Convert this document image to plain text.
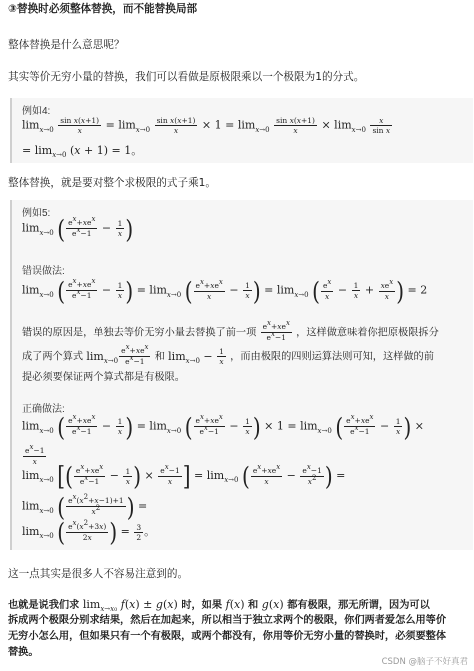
③替换时必须整体替换，而不能替换局部
整体替换是什么意思呢？
其实等价无穷小量的替换，我们可以看做是原极限乘以一个极限为1的分式。
例如4:
$\lim_{x\to 0} \frac{\text{sin x(x+1)}}{x} = \lim_{x\to 0} \frac{\text{sin x(x+1)}}{x} \times 1 = \lim_{x\to 0} \frac{\text{sin x(x+1)}}{x} \times \lim_{x\to 0} \frac{x}{\text{sin x}}$
= $\lim_{x\to 0} (x + 1) = 1$。
整体替换，就是要对整个求极限的式子乘1。
例如5:
$\lim_{x\to 0}$ ( $\frac{\text{ex+xex}}{ex-1} - \frac{1}{x}$ )
错误做法:
$\lim_{x\to 0}$ ( $\frac{\text{ex+xex}}{ex-1} - \frac{1}{x}$ ) = $\lim_{x\to 0}$ ( $\frac{\text{ex+xex}}{x} - \frac{1}{x}$ ) = $\lim_{x\to 0}$ ( $\frac{ex}{x} - \frac{1}{x} + \frac{\text{xex}}{x}$ ) = 2
错误的原因是，单独去等价无穷小量去替换了前一项 $\frac{\text{ex+xex}}{ex-1}$ ，这样做意味着你把原极限拆分
成了两个算式 $\lim_{x\to 0} \frac{\text{ex+xex}}{ex-1}$ 和 $\lim_{x\to 0} - \frac{1}{x}$ ，而由极限的四则运算法则可知，这样做的前
提必须要保证两个算式都是有极限。
正确做法:
$\lim_{x\to 0}$ ( $\frac{\text{ex+xex}}{ex-1} - \frac{1}{x}$ ) = $\lim_{x\to 0}$ ( $\frac{\text{ex+xex}}{ex-1} - \frac{1}{x}$ ) × $1 = \lim_{x\to 0}$ ( $\frac{\text{ex+xex}}{ex-1} - \frac{1}{x}$ ) ×
$\frac{ex-1}{x}$
$\lim_{x\to 0}$ [( $\frac{\text{ex+xex}}{ex-1} - \frac{1}{x}$ ) × $\frac{ex-1}{x}$ ] = $\lim_{x\to 0}$ ( $\frac{\text{ex+xex}}{x} - \frac{ex-1}{x2}$ ) =
$\lim_{x\to 0}$ ( $\frac{ex(x2+x-1)+1}{x2}$ ) =
$\lim_{x\to 0}$ ( $\frac{ex(x2+3x)}{2x}$ ) = $\frac{3}{2}$ 。
这一点其实是很多人不容易注意到的。
也就是说我们求 $\lim_{x\to x0} f(x) \pm g(x)$ 时，如果 f(x) 和 g(x) 都有极限，那无所谓，因为可以
拆成两个极限分别求结果，然后在加起来，所以相当于独立求两个的极限，你们两者爱怎么用等价
无穷小怎么用，但如果只有一个有极限，或两个都没有，你用等价无穷小量的替换时，必须要整体
替换。
CSDN @脑子不好真君
